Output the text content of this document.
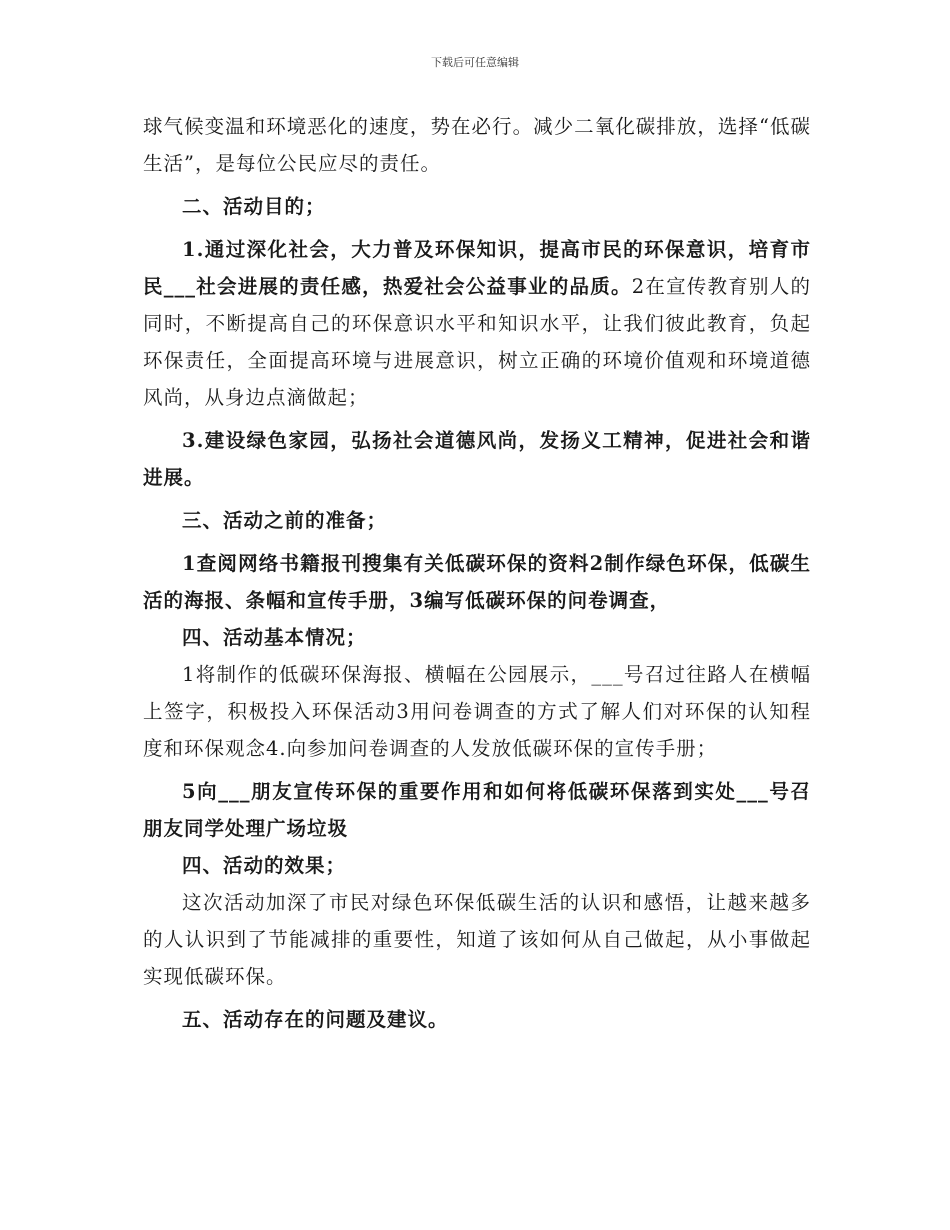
下载后可任意编辑

球气候变温和环境恶化的速度，势在必行。减少二氧化碳排放，选择“低碳生活”，是每位公民应尽的责任。

二、活动目的；

1.通过深化社会，大力普及环保知识，提高市民的环保意识，培育市民___社会进展的责任感，热爱社会公益事业的品质。2在宣传教育别人的同时，不断提高自己的环保意识水平和知识水平，让我们彼此教育，负起环保责任，全面提高环境与进展意识，树立正确的环境价值观和环境道德风尚，从身边点滴做起；

3.建设绿色家园，弘扬社会道德风尚，发扬义工精神，促进社会和谐进展。

三、活动之前的准备；

1查阅网络书籍报刊搜集有关低碳环保的资料2制作绿色环保，低碳生活的海报、条幅和宣传手册，3编写低碳环保的问卷调查，

四、活动基本情况；

1将制作的低碳环保海报、横幅在公园展示，___号召过往路人在横幅上签字，积极投入环保活动3用问卷调查的方式了解人们对环保的认知程度和环保观念4.向参加问卷调查的人发放低碳环保的宣传手册；

5向___朋友宣传环保的重要作用和如何将低碳环保落到实处___号召朋友同学处理广场垃圾

四、活动的效果；

这次活动加深了市民对绿色环保低碳生活的认识和感悟，让越来越多的人认识到了节能减排的重要性，知道了该如何从自己做起，从小事做起实现低碳环保。

五、活动存在的问题及建议。
